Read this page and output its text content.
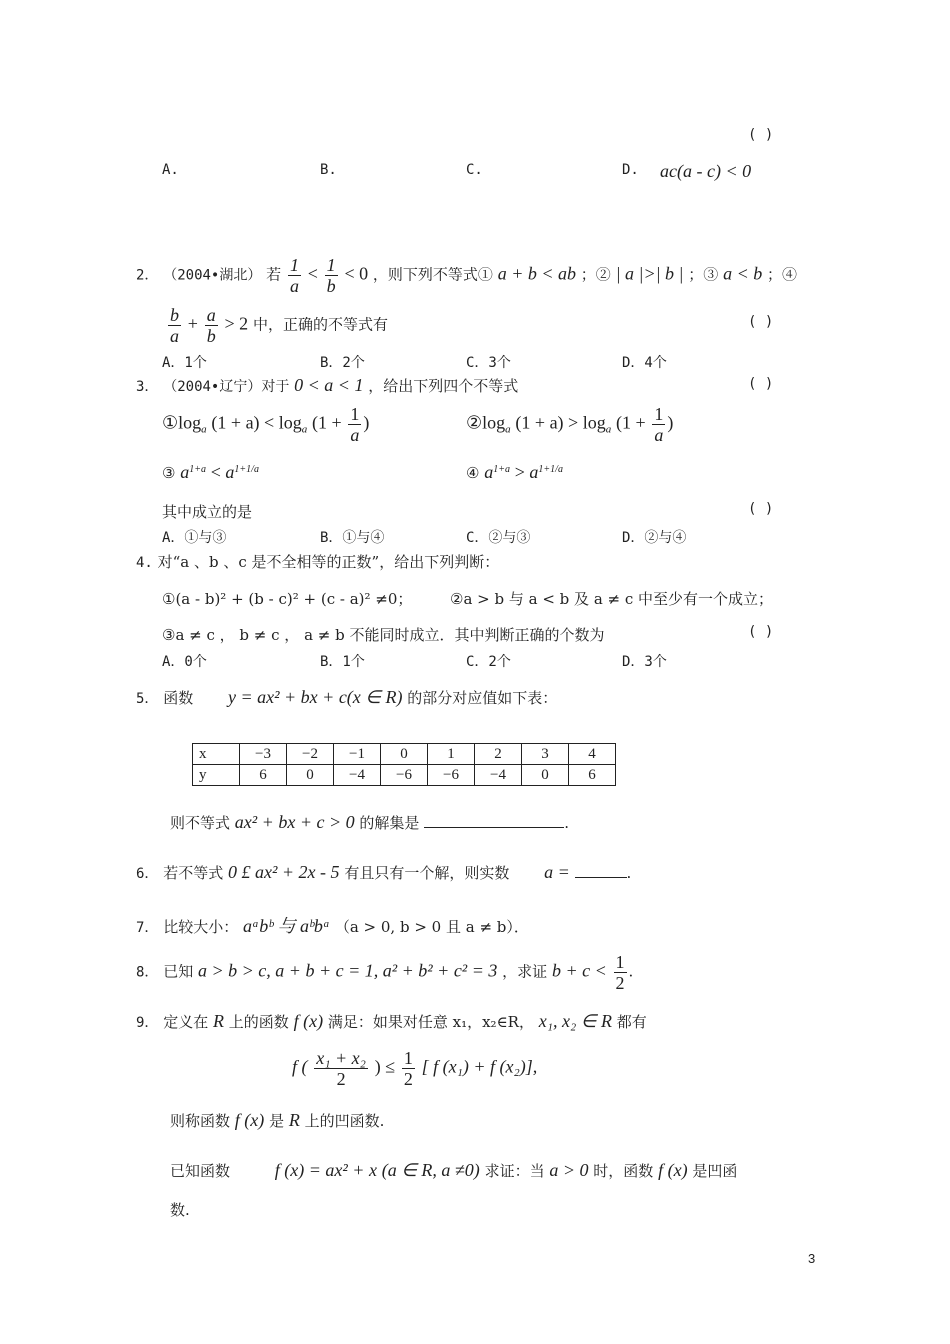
( )
A.	B.	C.	D. ac(a - c) < 0
2． （2004•湖北） 若 $\frac{1}{a} < \frac{1}{b} < 0$ ，则下列不等式① a + b < ab ；② | a |>| b | ；③ a < b ；④
$\frac{b}{a} + \frac{a}{b} > 2$ 中，正确的不等式有	( )
A．1个	B．2个	C．3个	D．4个
3． （2004•辽宁）对于 0 < a < 1 ，给出下列四个不等式	( )
$①\log_a$ $(1 + a) < \log_a (1 + \frac{1}{a}$ )	$②\log_a$ $(1 + a) > \log_a (1 + \frac{1}{a}$ )
③ $a^{1+a} < a^{1+1/a}$	④ $a^{1+a} > a^{1+1/a}$
其中成立的是	( )
A．①与③	B．①与④	C．②与③	D．②与④
4. 对“a 、b 、c 是不全相等的正数”，给出下列判断：
①(a - b)² + (b - c)² + (c - a)² ≠0；	②a > b 与 a < b 及 a ≠ c 中至少有一个成立；
③a ≠ c ， b ≠ c ， a ≠ b 不能同时成立．其中判断正确的个数为	( )
A．0个	B．1个	C．2个	D．3个
5． 函数 y = ax² + bx + c(x ∈ R) 的部分对应值如下表：
x	−3	−2	−1	0	1	2	3	4
y	6	0	−4	−6	−6	−4	0	6
则不等式 ax² + bx + c > 0 的解集是	.
6． 若不等式 0 £ ax² + 2x - 5 有且只有一个解，则实数 a =	.
7． 比较大小： aᵃbᵇ 与 aᵇbᵃ （a > 0, b > 0 且 a ≠ b）．
8． 已知 a > b > c, a + b + c = 1, a² + b² + c² = 3 ，求证 $b + c < \frac{1}{2}$ .
9． 定义在 R 上的函数 f (x) 满足：如果对任意 x₁，x₂∈R， x₁, x₂ ∈ R 都有
f ( $\frac{\text{x₁ + x₂}}{2}$ ) ≤ $\frac{1}{2}$ [ f (x₁) + f (x₂)],
则称函数 f (x) 是 R 上的凹函数.
已知函数 f (x) = ax² + x (a ∈ R, a ≠0) 求证：当 a > 0 时，函数 f (x) 是凹函
数.
3
